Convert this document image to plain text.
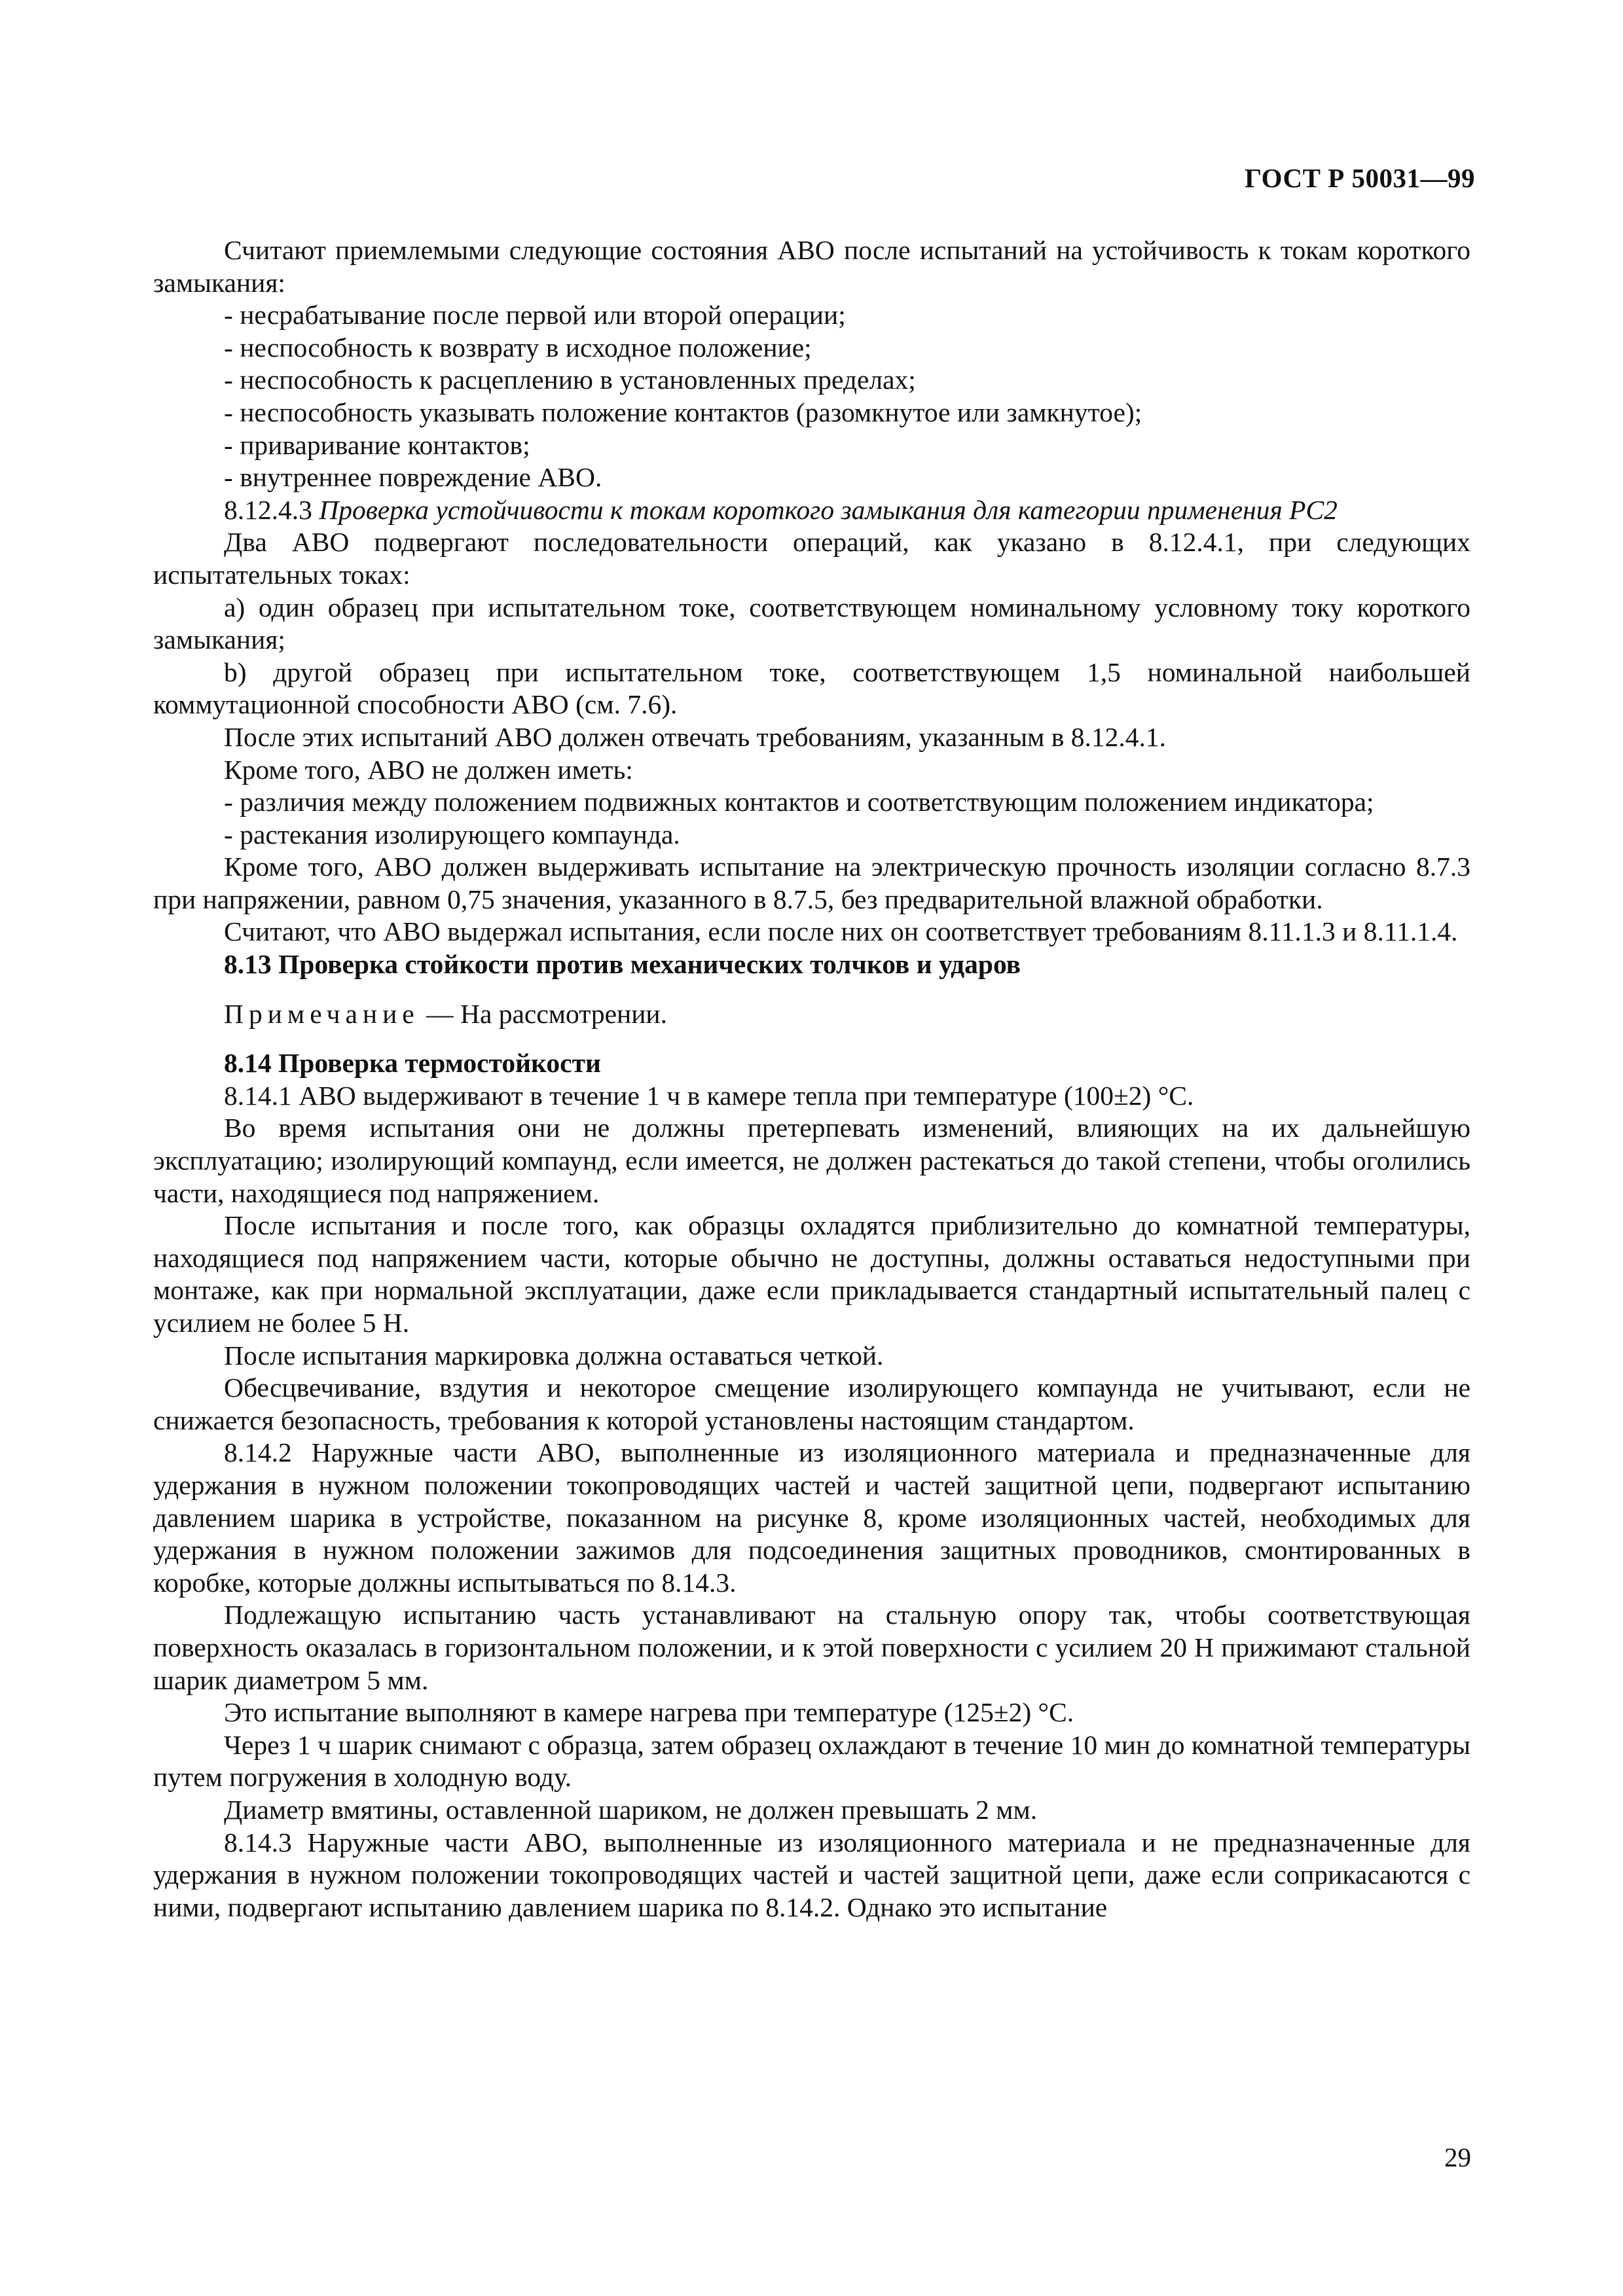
ГОСТ Р 50031—99

Считают приемлемыми следующие состояния АВО после испытаний на устойчивость к токам короткого замыкания:

- несрабатывание после первой или второй операции;

- неспособность к возврату в исходное положение;

- неспособность к расцеплению в установленных пределах;

- неспособность указывать положение контактов (разомкнутое или замкнутое);

- приваривание контактов;

- внутреннее повреждение АВО.

8.12.4.3 Проверка устойчивости к токам короткого замыкания для категории применения PC2

Два АВО подвергают последовательности операций, как указано в 8.12.4.1, при следующих испытательных токах:

a) один образец при испытательном токе, соответствующем номинальному условному току короткого замыкания;

b) другой образец при испытательном токе, соответствующем 1,5 номинальной наибольшей коммутационной способности АВО (см. 7.6).

После этих испытаний АВО должен отвечать требованиям, указанным в 8.12.4.1.

Кроме того, АВО не должен иметь:

- различия между положением подвижных контактов и соответствующим положением индикатора;

- растекания изолирующего компаунда.

Кроме того, АВО должен выдерживать испытание на электрическую прочность изоляции согласно 8.7.3 при напряжении, равном 0,75 значения, указанного в 8.7.5, без предварительной влажной обработки.

Считают, что АВО выдержал испытания, если после них он соответствует требованиям 8.11.1.3 и 8.11.1.4.

8.13 Проверка стойкости против механических толчков и ударов

Примечание — На рассмотрении.

8.14 Проверка термостойкости

8.14.1 АВО выдерживают в течение 1 ч в камере тепла при температуре (100±2) °С.

Во время испытания они не должны претерпевать изменений, влияющих на их дальнейшую эксплуатацию; изолирующий компаунд, если имеется, не должен растекаться до такой степени, чтобы оголились части, находящиеся под напряжением.

После испытания и после того, как образцы охладятся приблизительно до комнатной температуры, находящиеся под напряжением части, которые обычно не доступны, должны оставаться недоступными при монтаже, как при нормальной эксплуатации, даже если прикладывается стандартный испытательный палец с усилием не более 5 Н.

После испытания маркировка должна оставаться четкой.

Обесцвечивание, вздутия и некоторое смещение изолирующего компаунда не учитывают, если не снижается безопасность, требования к которой установлены настоящим стандартом.

8.14.2 Наружные части АВО, выполненные из изоляционного материала и предназначенные для удержания в нужном положении токопроводящих частей и частей защитной цепи, подвергают испытанию давлением шарика в устройстве, показанном на рисунке 8, кроме изоляционных частей, необходимых для удержания в нужном положении зажимов для подсоединения защитных проводников, смонтированных в коробке, которые должны испытываться по 8.14.3.

Подлежащую испытанию часть устанавливают на стальную опору так, чтобы соответствующая поверхность оказалась в горизонтальном положении, и к этой поверхности с усилием 20 Н прижимают стальной шарик диаметром 5 мм.

Это испытание выполняют в камере нагрева при температуре (125±2) °С.

Через 1 ч шарик снимают с образца, затем образец охлаждают в течение 10 мин до комнатной температуры путем погружения в холодную воду.

Диаметр вмятины, оставленной шариком, не должен превышать 2 мм.

8.14.3 Наружные части АВО, выполненные из изоляционного материала и не предназначенные для удержания в нужном положении токопроводящих частей и частей защитной цепи, даже если соприкасаются с ними, подвергают испытанию давлением шарика по 8.14.2. Однако это испытание

29
